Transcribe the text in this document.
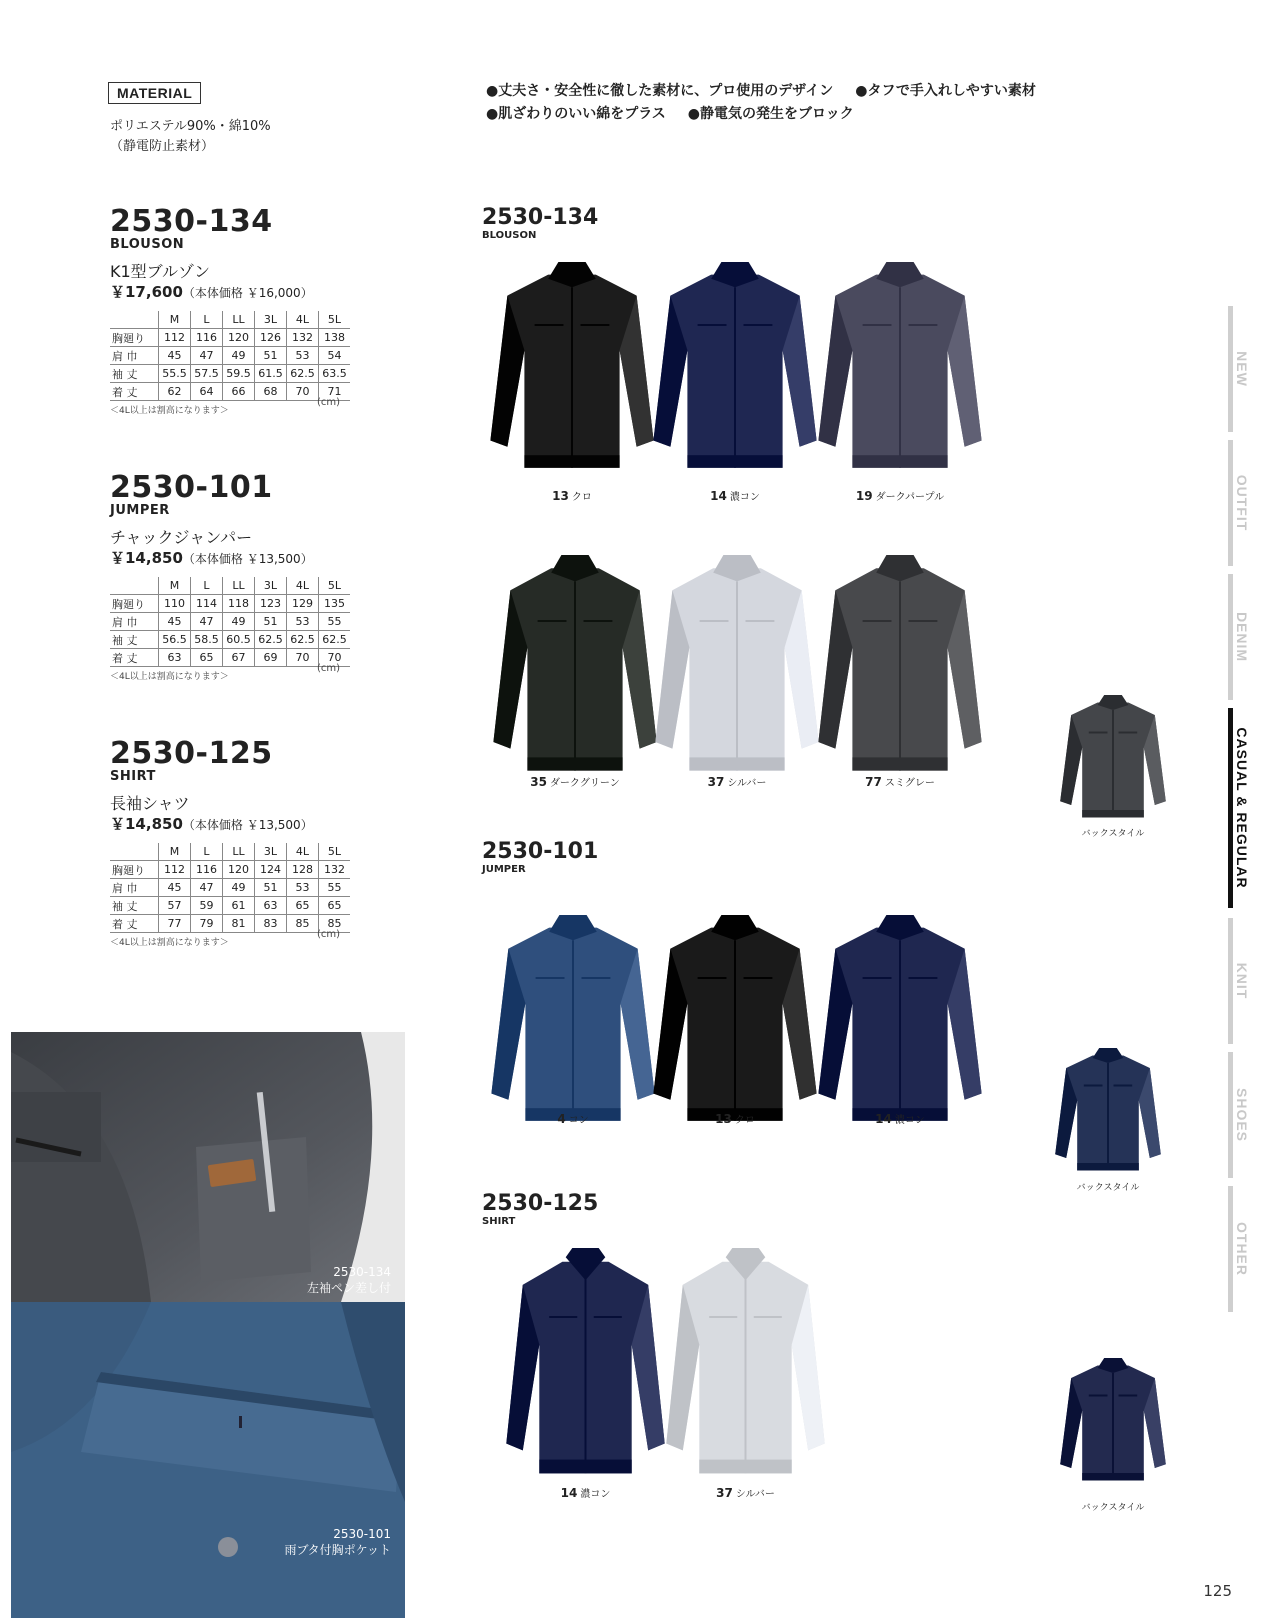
MATERIAL
ポリエステル90%・綿10%
（静電防止素材）
●丈夫さ・安全性に徹した素材に、プロ使用のデザイン ●タフで手入れしやすい素材
●肌ざわりのいい綿をプラス ●静電気の発生をブロック
2530-134
BLOUSON
K1型ブルゾン
￥17,600（本体価格 ￥16,000）
	M	L	LL	3L	4L	5L
胸廻り	112	116	120	126	132	138
肩 巾	45	47	49	51	53	54
袖 丈	55.5	57.5	59.5	61.5	62.5	63.5
着 丈	62	64	66	68	70	71
＜4L以上は割高になります＞
(cm)
2530-101
JUMPER
チャックジャンパー
￥14,850（本体価格 ￥13,500）
	M	L	LL	3L	4L	5L
胸廻り	110	114	118	123	129	135
肩 巾	45	47	49	51	53	55
袖 丈	56.5	58.5	60.5	62.5	62.5	62.5
着 丈	63	65	67	69	70	70
＜4L以上は割高になります＞
(cm)
2530-125
SHIRT
長袖シャツ
￥14,850（本体価格 ￥13,500）
	M	L	LL	3L	4L	5L
胸廻り	112	116	120	124	128	132
肩 巾	45	47	49	51	53	55
袖 丈	57	59	61	63	65	65
着 丈	77	79	81	83	85	85
＜4L以上は割高になります＞
(cm)
2530-134
左袖ペン差し付
2530-101
雨ブタ付胸ポケット
2530-134
BLOUSON
2530-101
JUMPER
2530-125
SHIRT
13 クロ	14 濃コン	19 ダークパープル
35 ダークグリーン	37 シルバー	77 スミグレー
4 コン	13 クロ	14 濃コン
14 濃コン	37 シルバー
バックスタイル
バックスタイル
バックスタイル
NEW
OUTFIT
DENIM
CASUAL & REGULAR
KNIT
SHOES
OTHER
125
